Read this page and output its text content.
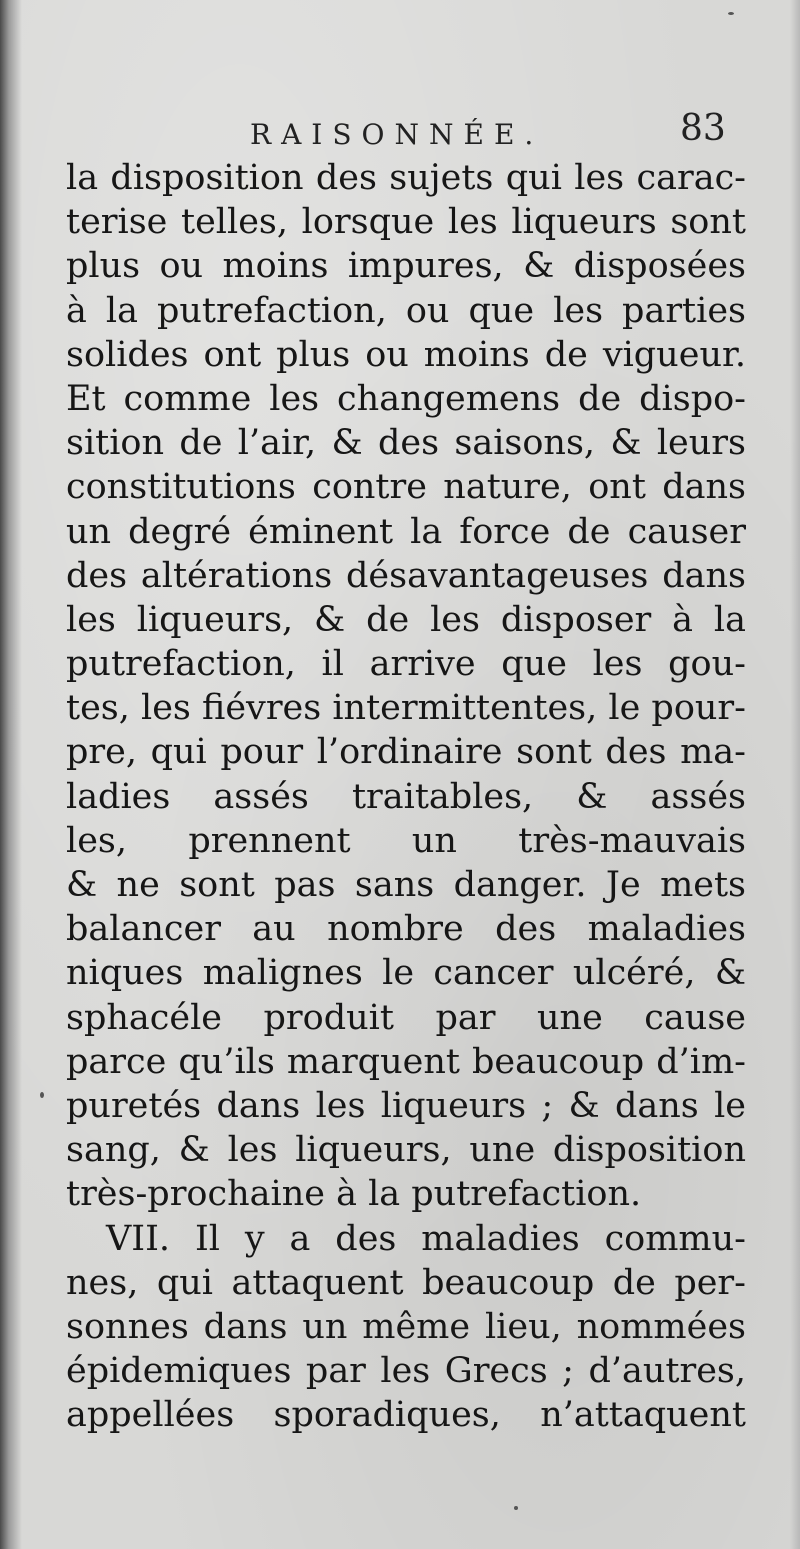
RAISONNÉE.	83
la disposition des sujets qui les carac-
terise telles, lorsque les liqueurs sont
plus ou moins impures, & disposées
à la putrefaction, ou que les parties
solides ont plus ou moins de vigueur.
Et comme les changemens de dispo-
sition de l’air, & des saisons, & leurs
constitutions contre nature, ont dans
un degré éminent la force de causer
des altérations désavantageuses dans
les liqueurs, & de les disposer à la
putrefaction, il arrive que les gou-
tes, les fiévres intermittentes, le pour-
pre, qui pour l’ordinaire sont des ma-
ladies assés traitables, & assés
les, prennent un très-mauvais
& ne sont pas sans danger. Je mets
balancer au nombre des maladies
niques malignes le cancer ulcéré, &
sphacéle produit par une cause
parce qu’ils marquent beaucoup d’im-
puretés dans les liqueurs ; & dans le
sang, & les liqueurs, une disposition
très-prochaine à la putrefaction.
VII. Il y a des maladies commu-
nes, qui attaquent beaucoup de per-
sonnes dans un même lieu, nommées
épidemiques par les Grecs ; d’autres,
appellées sporadiques, n’attaquent
